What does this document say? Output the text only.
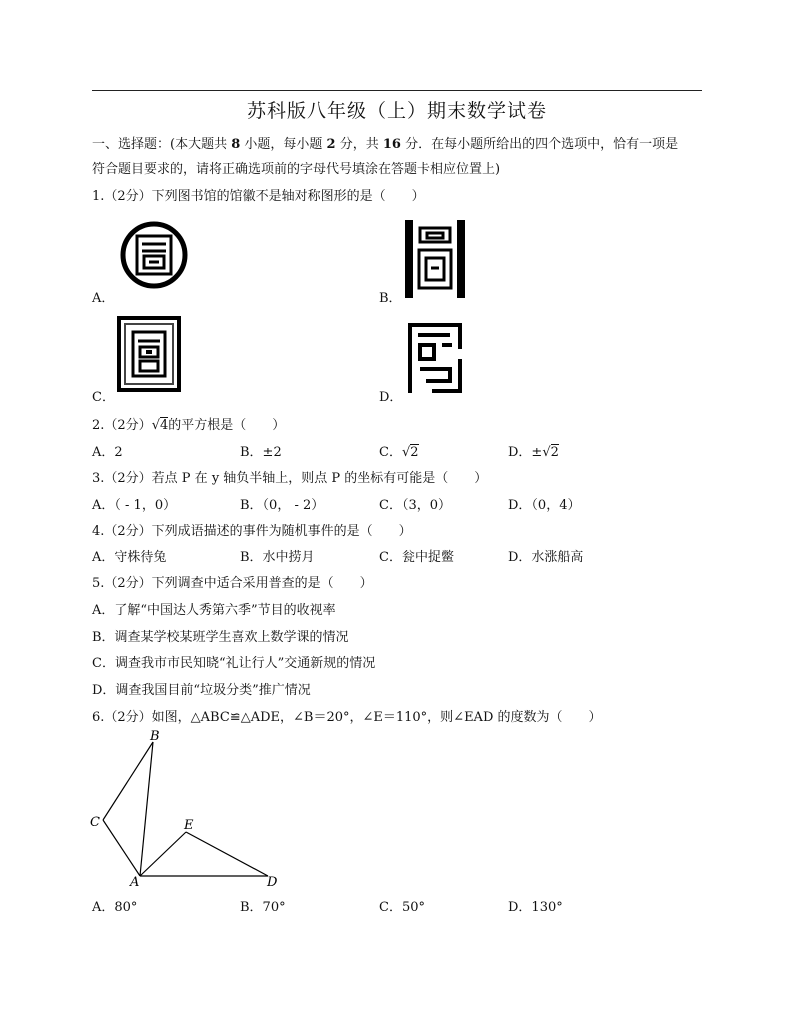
苏科版八年级（上）期末数学试卷
一、选择题：(本大题共 8 小题，每小题 2 分，共 16 分．在每小题所给出的四个选项中，恰有一项是
符合题目要求的，请将正确选项前的字母代号填涂在答题卡相应位置上)
1.（2分）下列图书馆的馆徽不是轴对称图形的是（　　）
A．	B．
C．	D．
2.（2分）√4的平方根是（　　）
A．2	B．±2	C．√2	D．±√2
3.（2分）若点 P 在 y 轴负半轴上，则点 P 的坐标有可能是（　　）
A．（ - 1，0）	B．（0， - 2）	C．（3，0）	D．（0，4）
4.（2分）下列成语描述的事件为随机事件的是（　　）
A．守株待兔	B．水中捞月	C．瓮中捉鳖	D．水涨船高
5.（2分）下列调查中适合采用普查的是（　　）
A．了解“中国达人秀第六季”节目的收视率
B．调查某学校某班学生喜欢上数学课的情况
C．调查我市市民知晓“礼让行人”交通新规的情况
D．调查我国目前“垃圾分类”推广情况
6.（2分）如图，△ABC≌△ADE，∠B＝20°，∠E＝110°，则∠EAD 的度数为（　　）
B
C	E
A	D
A．80°	B．70°	C．50°	D．130°
